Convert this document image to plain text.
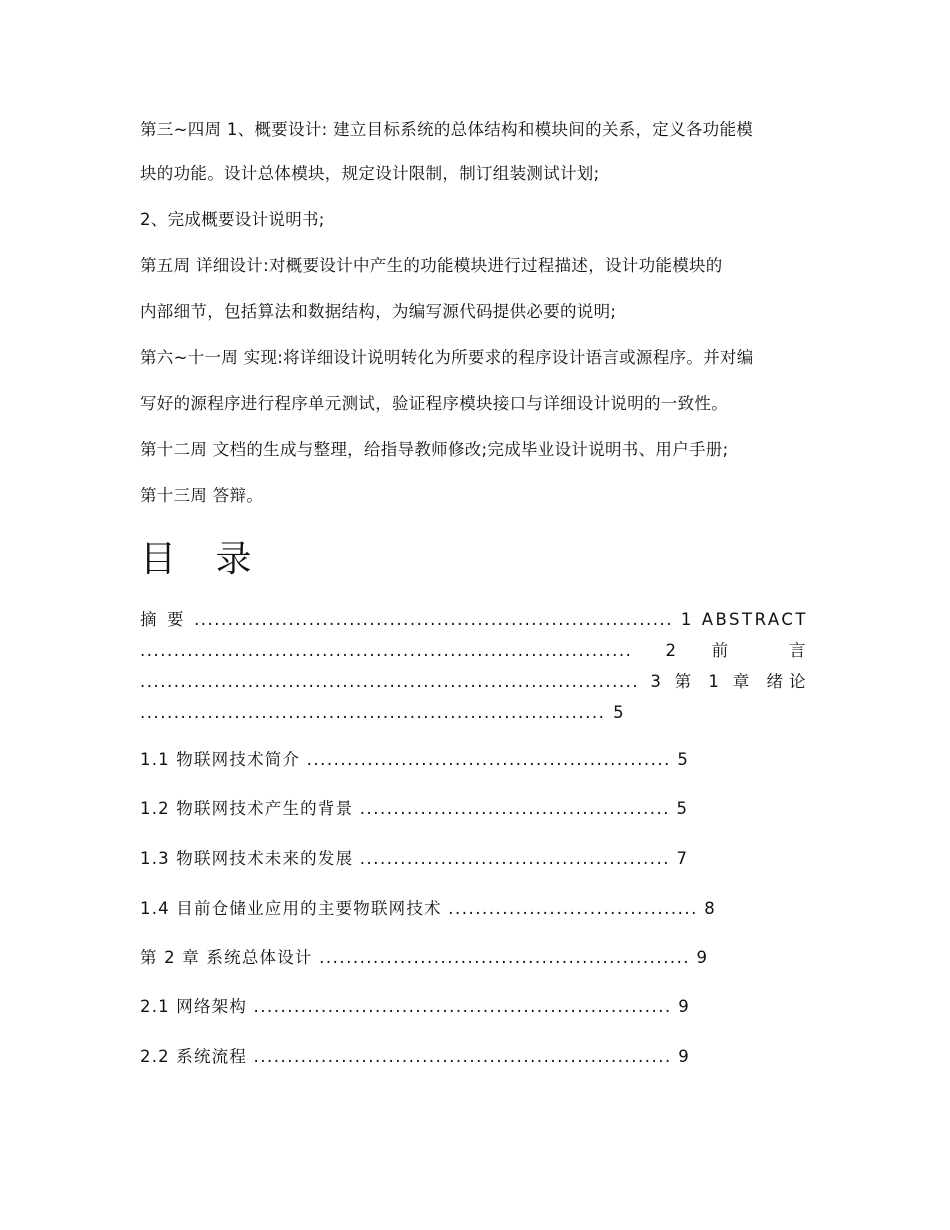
第三~四周 1、概要设计: 建立目标系统的总体结构和模块间的关系，定义各功能模
块的功能。设计总体模块，规定设计限制，制订组装测试计划;
2、完成概要设计说明书;
第五周 详细设计:对概要设计中产生的功能模块进行过程描述，设计功能模块的
内部细节，包括算法和数据结构，为编写源代码提供必要的说明;
第六~十一周 实现:将详细设计说明转化为所要求的程序设计语言或源程序。并对编
写好的源程序进行程序单元测试，验证程序模块接口与详细设计说明的一致性。
第十二周 文档的生成与整理，给指导教师修改;完成毕业设计说明书、用户手册;
第十三周 答辩。
目 录
摘 要 ....................................................................... 1 ABSTRACT ......................................................................... 2 前 言 .......................................................................... 3 第 1 章 绪论 ..................................................................... 5
1.1 物联网技术简介 ...................................................... 5
1.2 物联网技术产生的背景 .............................................. 5
1.3 物联网技术未来的发展 .............................................. 7
1.4 目前仓储业应用的主要物联网技术 ..................................... 8
第 2 章 系统总体设计 ....................................................... 9
2.1 网络架构 .............................................................. 9
2.2 系统流程 .............................................................. 9
